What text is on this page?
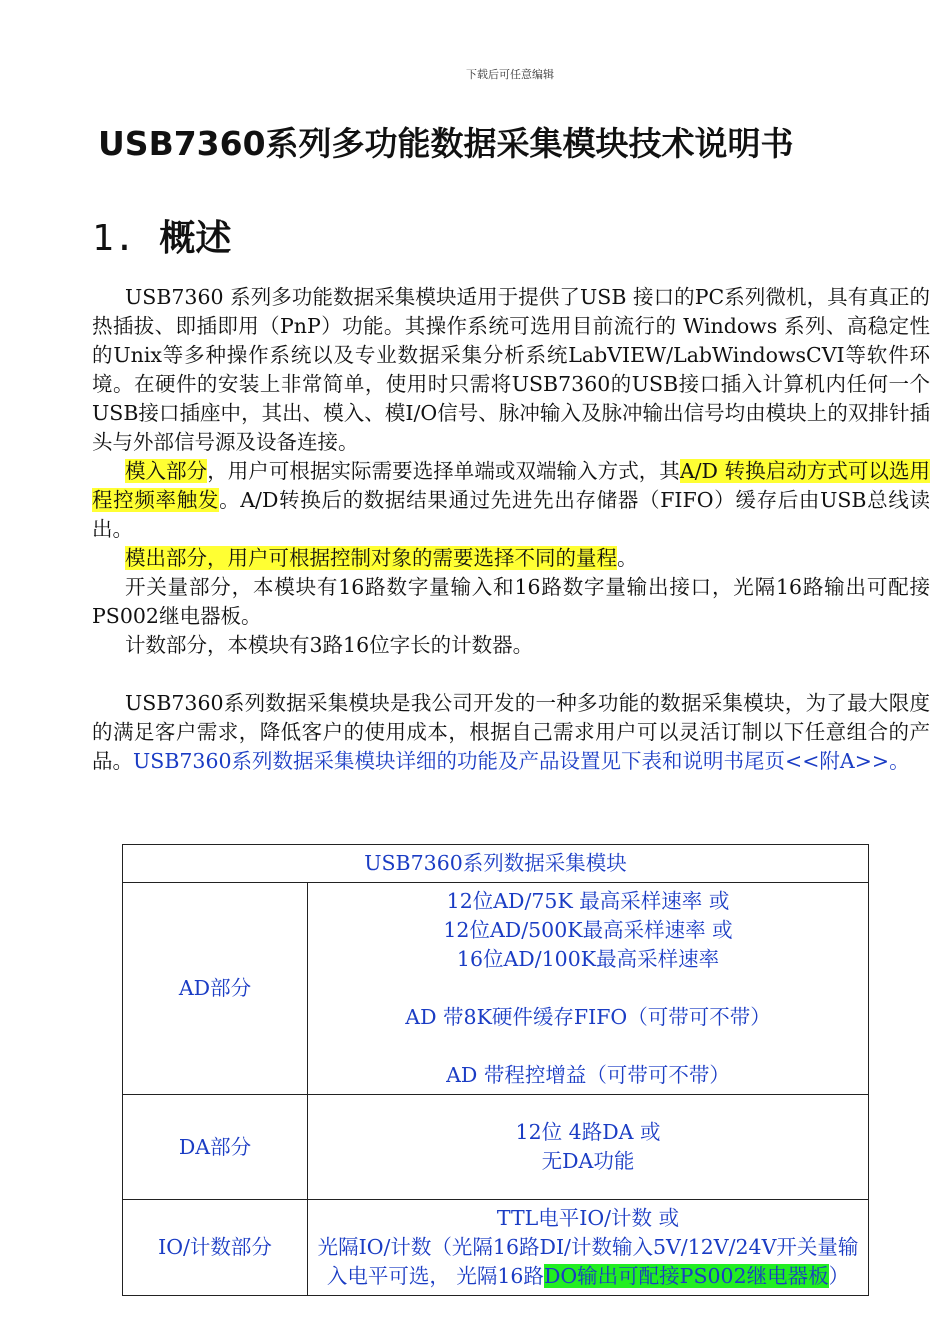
下载后可任意编辑
USB7360系列多功能数据采集模块技术说明书
1. 概述

USB7360 系列多功能数据采集模块适用于提供了USB 接口的PC系列微机，具有真正的热插拔、即插即用（PnP）功能。其操作系统可选用目前流行的 Windows 系列、高稳定性的Unix等多种操作系统以及专业数据采集分析系统LabVIEW/LabWindowsCVI等软件环境。在硬件的安装上非常简单，使用时只需将USB7360的USB接口插入计算机内任何一个USB接口插座中，其出、模入、模I/O信号、脉冲输入及脉冲输出信号均由模块上的双排针插头与外部信号源及设备连接。

模入部分，用户可根据实际需要选择单端或双端输入方式，其A/D 转换启动方式可以选用程控频率触发。A/D转换后的数据结果通过先进先出存储器（FIFO）缓存后由USB总线读出。

模出部分，用户可根据控制对象的需要选择不同的量程。

开关量部分，本模块有16路数字量输入和16路数字量输出接口，光隔16路输出可配接PS002继电器板。

计数部分，本模块有3路16位字长的计数器。

USB7360系列数据采集模块是我公司开发的一种多功能的数据采集模块，为了最大限度的满足客户需求，降低客户的使用成本，根据自己需求用户可以灵活订制以下任意组合的产品。USB7360系列数据采集模块详细的功能及产品设置见下表和说明书尾页<<附A>>。

USB7360系列数据采集模块	
AD部分	12位AD/75K 最高采样速率 或
12位AD/500K最高采样速率 或
16位AD/100K最高采样速率
AD 带8K硬件缓存FIFO（可带可不带）
AD 带程控增益（可带可不带）

DA部分	12位 4路DA 或
无DA功能

IO/计数部分	TTL电平IO/计数 或
光隔IO/计数（光隔16路DI/计数输入5V/12V/24V开关量输入电平可选， 光隔16路DO输出可配接PS002继电器板）
